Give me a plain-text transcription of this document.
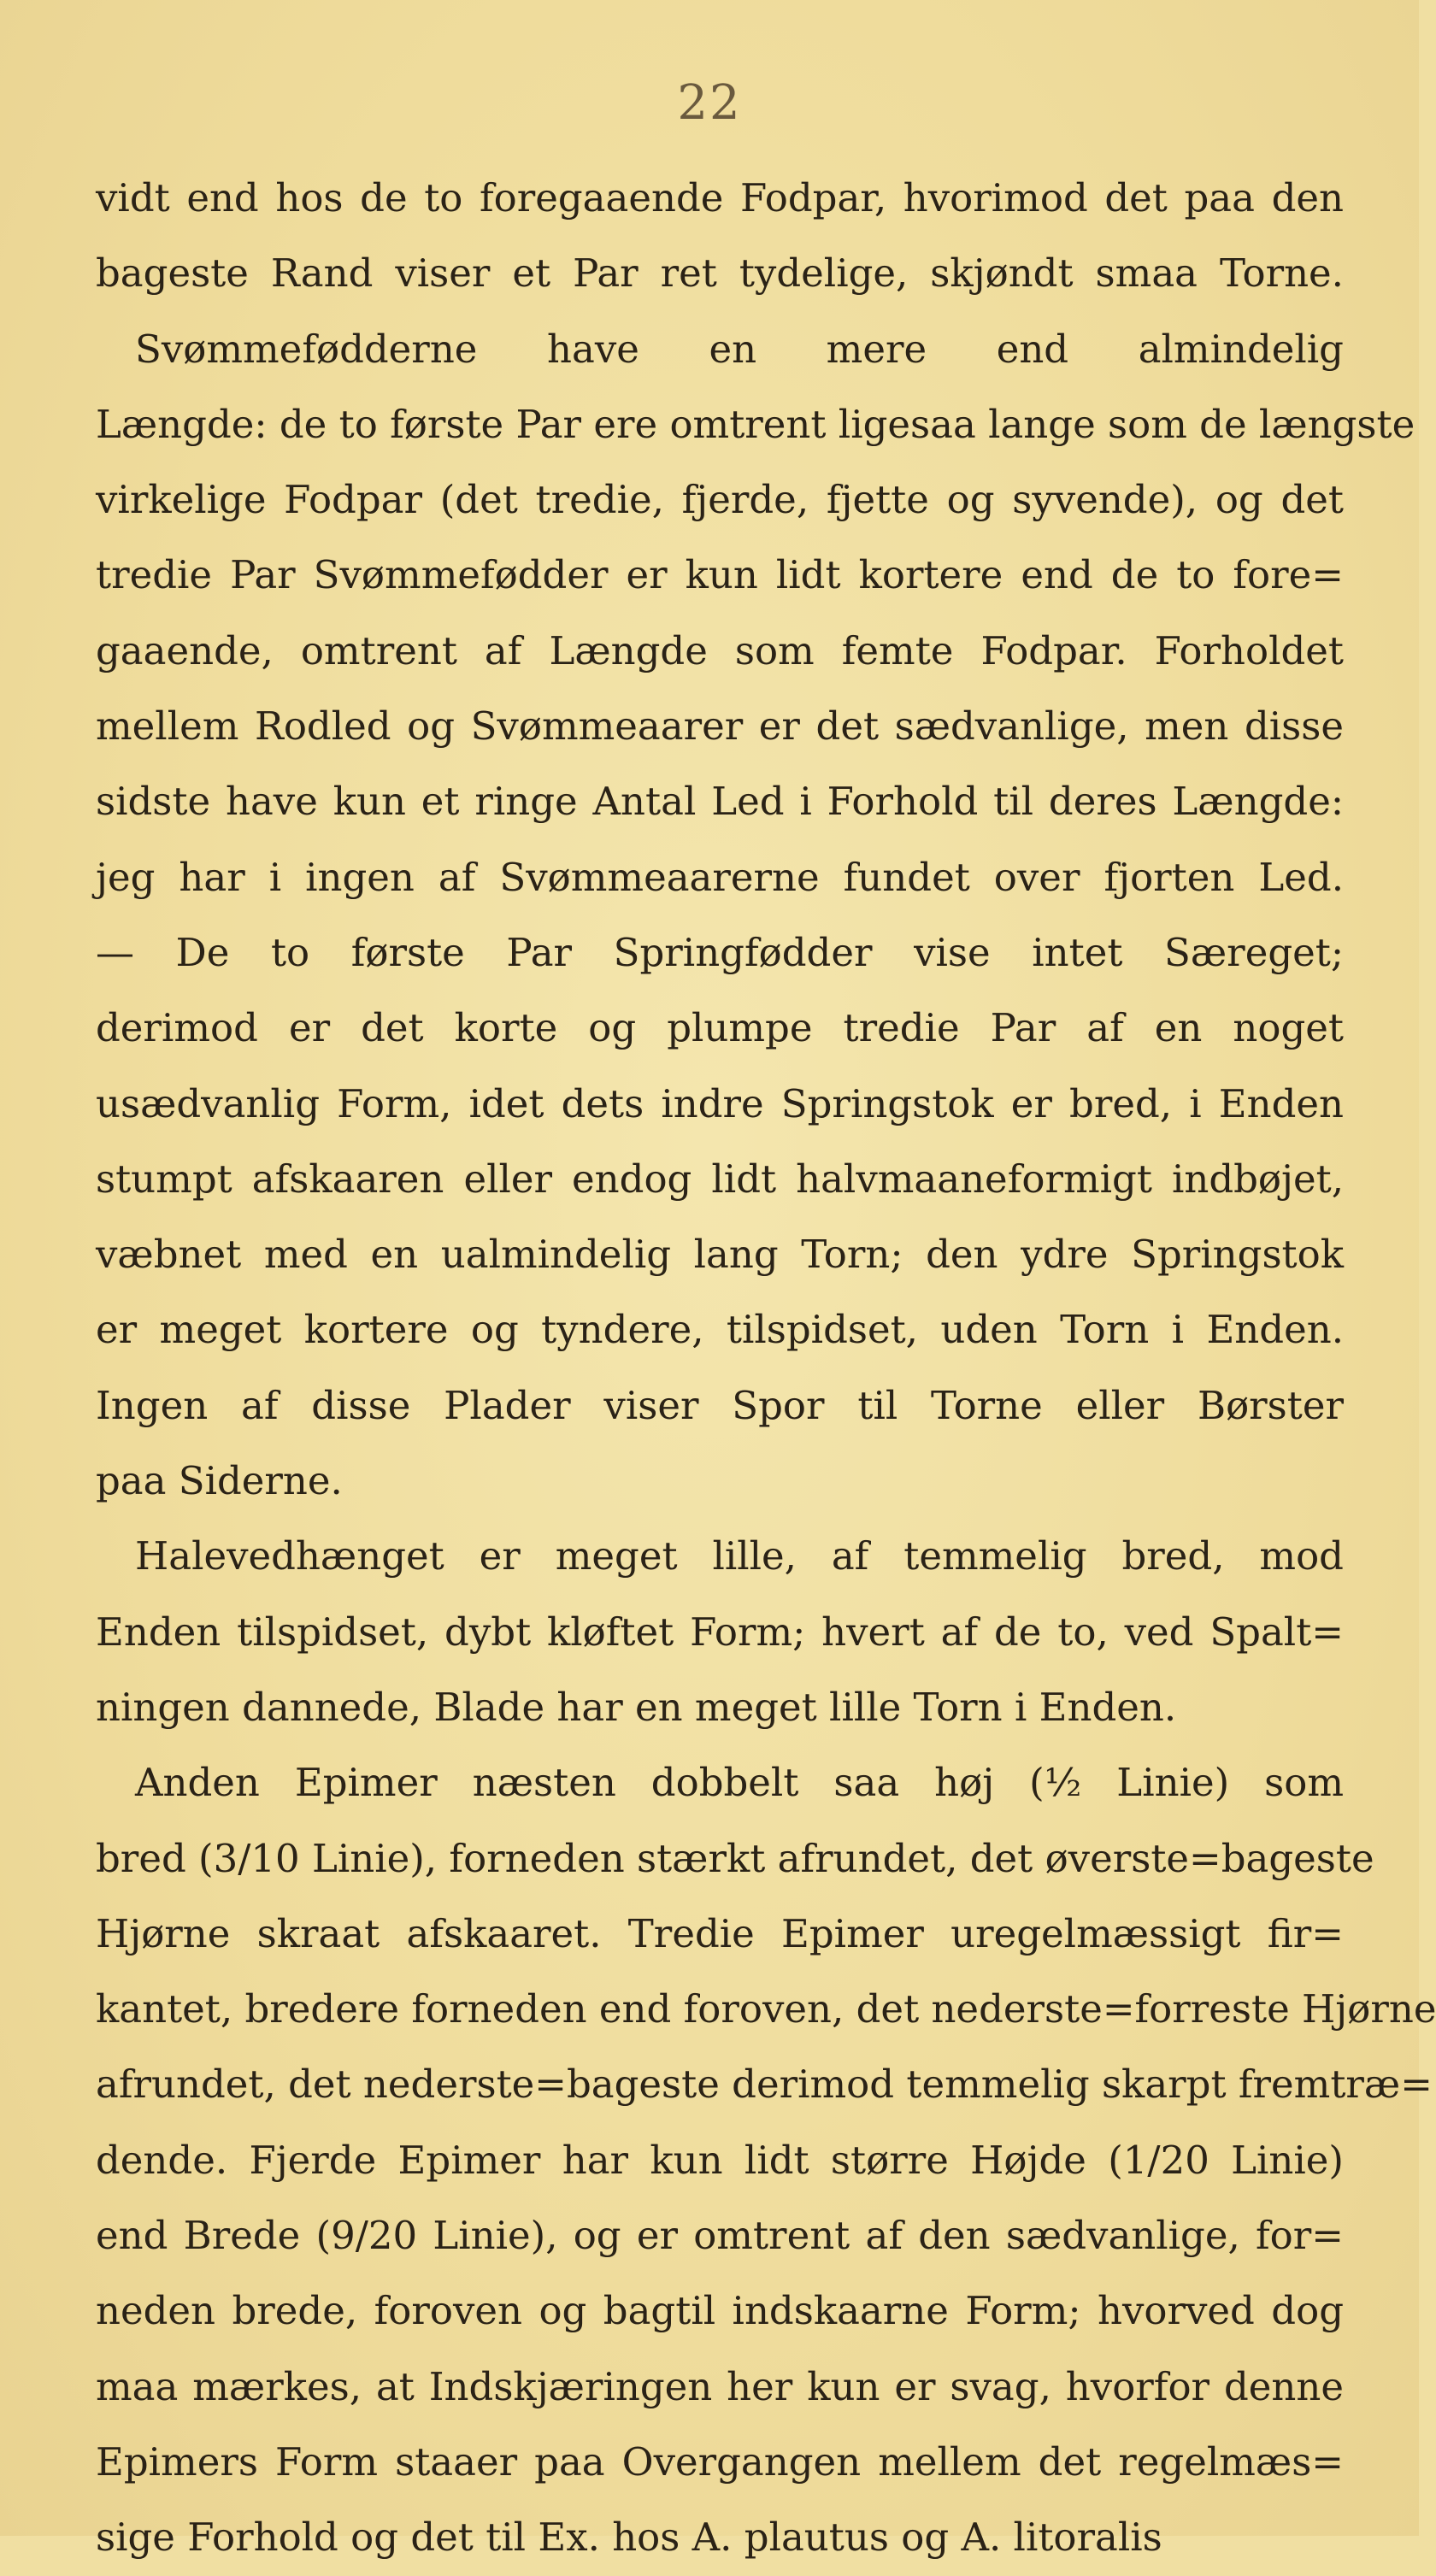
22
vidt end hos de to foregaaende Fodpar, hvorimod det paa den
bageste Rand viser et Par ret tydelige, skjøndt smaa Torne.
Svømmefødderne have en mere end almindelig
Længde: de to første Par ere omtrent ligesaa lange som de længste
virkelige Fodpar (det tredie, fjerde, fjette og syvende), og det
tredie Par Svømmefødder er kun lidt kortere end de to fore=
gaaende, omtrent af Længde som femte Fodpar. Forholdet
mellem Rodled og Svømmeaarer er det sædvanlige, men disse
sidste have kun et ringe Antal Led i Forhold til deres Længde:
jeg har i ingen af Svømmeaarerne fundet over fjorten Led.
— De to første Par Springfødder vise intet Særeget;
derimod er det korte og plumpe tredie Par af en noget
usædvanlig Form, idet dets indre Springstok er bred, i Enden
stumpt afskaaren eller endog lidt halvmaaneformigt indbøjet,
væbnet med en ualmindelig lang Torn; den ydre Springstok
er meget kortere og tyndere, tilspidset, uden Torn i Enden.
Ingen af disse Plader viser Spor til Torne eller Børster
paa Siderne.
Halevedhænget er meget lille, af temmelig bred, mod
Enden tilspidset, dybt kløftet Form; hvert af de to, ved Spalt=
ningen dannede, Blade har en meget lille Torn i Enden.
Anden Epimer næsten dobbelt saa høj (½ Linie) som
bred (3/10 Linie), forneden stærkt afrundet, det øverste=bageste
Hjørne skraat afskaaret. Tredie Epimer uregelmæssigt fir=
kantet, bredere forneden end foroven, det nederste=forreste Hjørne
afrundet, det nederste=bageste derimod temmelig skarpt fremtræ=
dende. Fjerde Epimer har kun lidt større Højde (1/20 Linie)
end Brede (9/20 Linie), og er omtrent af den sædvanlige, for=
neden brede, foroven og bagtil indskaarne Form; hvorved dog
maa mærkes, at Indskjæringen her kun er svag, hvorfor denne
Epimers Form staaer paa Overgangen mellem det regelmæs=
sige Forhold og det til Ex. hos A. plautus og A. litoralis
